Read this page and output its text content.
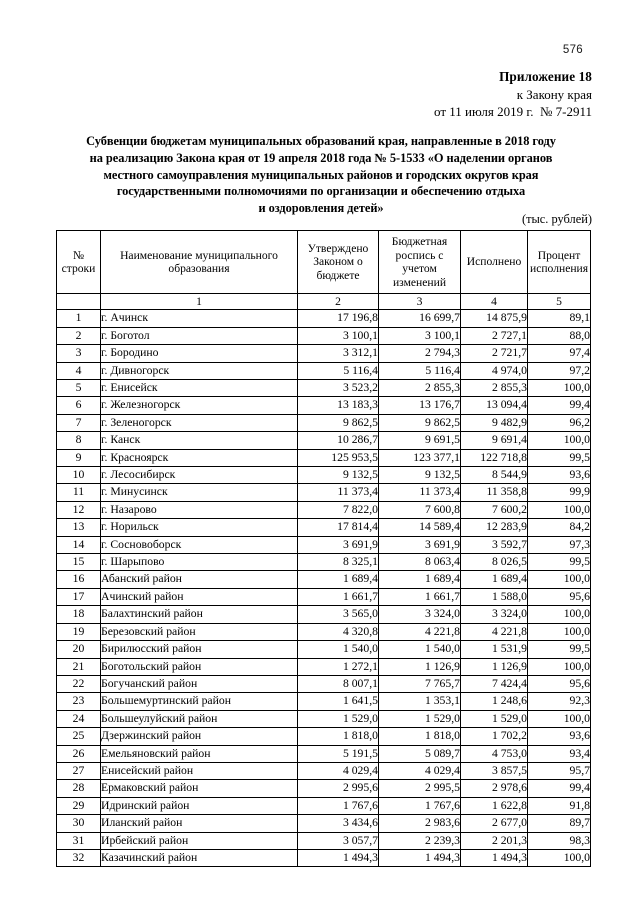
576
Приложение 18
к Закону края
от 11 июля 2019 г.  № 7-2911
Субвенции бюджетам муниципальных образований края, направленные в 2018 году
на реализацию Закона края от 19 апреля 2018 года № 5-1533 «О наделении органов
местного самоуправления муниципальных районов и городских округов края
государственными полномочиями по организации и обеспечению отдыха
и оздоровления детей»
(тыс. рублей)
№
строки

Наименование муниципального
образования

Утверждено
Законом о
бюджете

Бюджетная
роспись с
учетом
изменений

Исполнено

Процент
исполнения

	1	2	3	4	5
1	г. Ачинск	17 196,8	16 699,7	14 875,9	89,1
2	г. Боготол	3 100,1	3 100,1	2 727,1	88,0
3	г. Бородино	3 312,1	2 794,3	2 721,7	97,4
4	г. Дивногорск	5 116,4	5 116,4	4 974,0	97,2
5	г. Енисейск	3 523,2	2 855,3	2 855,3	100,0
6	г. Железногорск	13 183,3	13 176,7	13 094,4	99,4
7	г. Зеленогорск	9 862,5	9 862,5	9 482,9	96,2
8	г. Канск	10 286,7	9 691,5	9 691,4	100,0
9	г. Красноярск	125 953,5	123 377,1	122 718,8	99,5
10	г. Лесосибирск	9 132,5	9 132,5	8 544,9	93,6
11	г. Минусинск	11 373,4	11 373,4	11 358,8	99,9
12	г. Назарово	7 822,0	7 600,8	7 600,2	100,0
13	г. Норильск	17 814,4	14 589,4	12 283,9	84,2
14	г. Сосновоборск	3 691,9	3 691,9	3 592,7	97,3
15	г. Шарыпово	8 325,1	8 063,4	8 026,5	99,5
16	Абанский район	1 689,4	1 689,4	1 689,4	100,0
17	Ачинский район	1 661,7	1 661,7	1 588,0	95,6
18	Балахтинский район	3 565,0	3 324,0	3 324,0	100,0
19	Березовский район	4 320,8	4 221,8	4 221,8	100,0
20	Бирилюсский район	1 540,0	1 540,0	1 531,9	99,5
21	Боготольский район	1 272,1	1 126,9	1 126,9	100,0
22	Богучанский район	8 007,1	7 765,7	7 424,4	95,6
23	Большемуртинский район	1 641,5	1 353,1	1 248,6	92,3
24	Большеулуйский район	1 529,0	1 529,0	1 529,0	100,0
25	Дзержинский район	1 818,0	1 818,0	1 702,2	93,6
26	Емельяновский район	5 191,5	5 089,7	4 753,0	93,4
27	Енисейский район	4 029,4	4 029,4	3 857,5	95,7
28	Ермаковский район	2 995,6	2 995,5	2 978,6	99,4
29	Идринский район	1 767,6	1 767,6	1 622,8	91,8
30	Иланский район	3 434,6	2 983,6	2 677,0	89,7
31	Ирбейский район	3 057,7	2 239,3	2 201,3	98,3
32	Казачинский район	1 494,3	1 494,3	1 494,3	100,0
